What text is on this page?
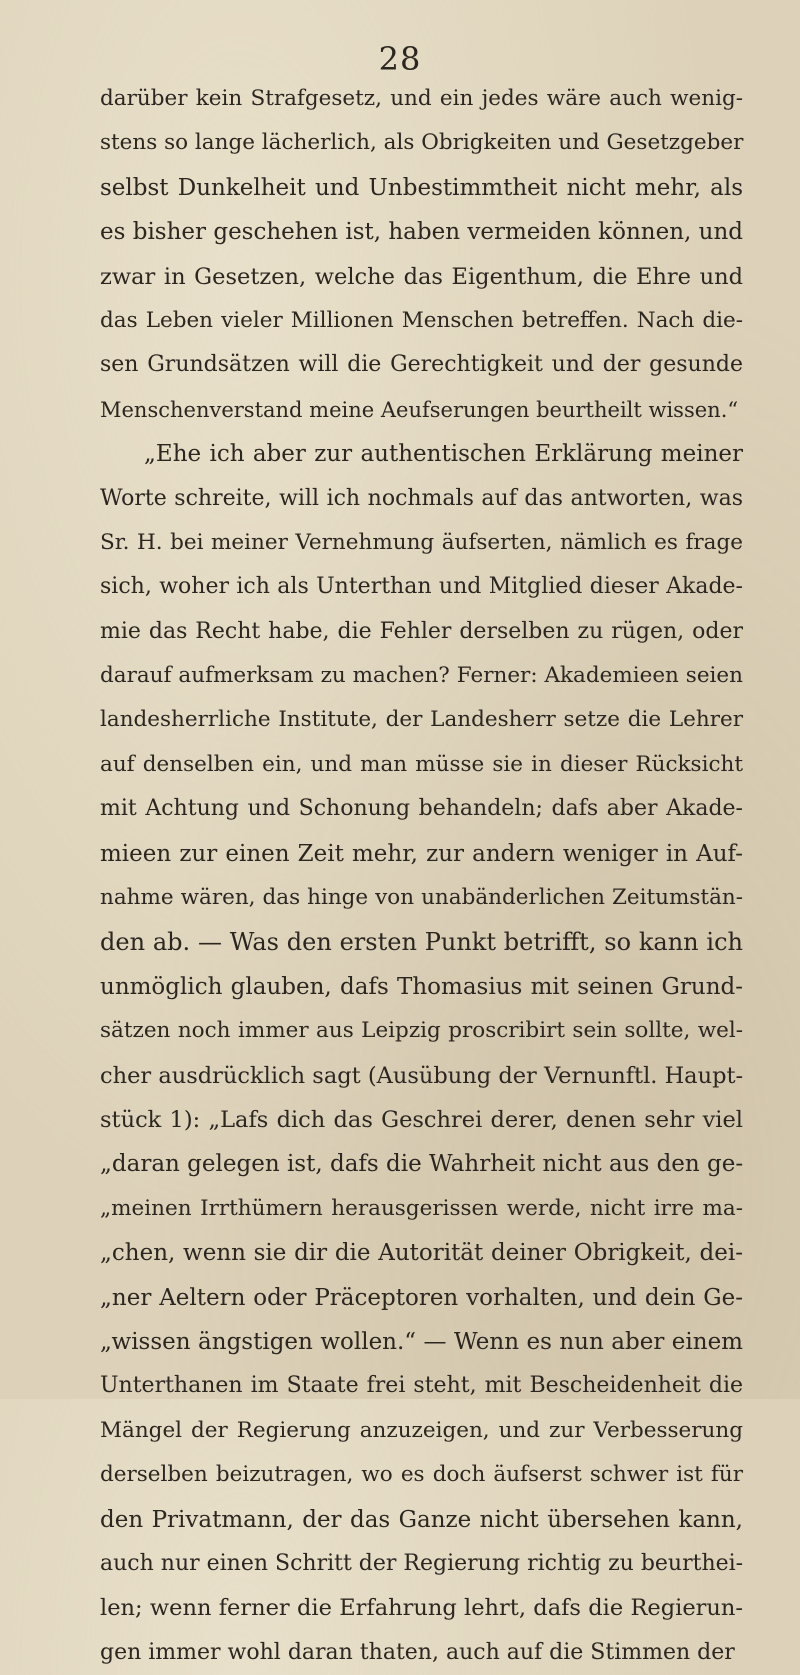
28
darüber kein Strafgesetz, und ein jedes wäre auch wenig-
stens so lange lächerlich, als Obrigkeiten und Gesetzgeber
selbst Dunkelheit und Unbestimmtheit nicht mehr, als
es bisher geschehen ist, haben vermeiden können, und
zwar in Gesetzen, welche das Eigenthum, die Ehre und
das Leben vieler Millionen Menschen betreffen. Nach die-
sen Grundsätzen will die Gerechtigkeit und der gesunde
Menschenverstand meine Aeufserungen beurtheilt wissen.“
„Ehe ich aber zur authentischen Erklärung meiner
Worte schreite, will ich nochmals auf das antworten, was
Sr. H. bei meiner Vernehmung äufserten, nämlich es frage
sich, woher ich als Unterthan und Mitglied dieser Akade-
mie das Recht habe, die Fehler derselben zu rügen, oder
darauf aufmerksam zu machen? Ferner: Akademieen seien
landesherrliche Institute, der Landesherr setze die Lehrer
auf denselben ein, und man müsse sie in dieser Rücksicht
mit Achtung und Schonung behandeln; dafs aber Akade-
mieen zur einen Zeit mehr, zur andern weniger in Auf-
nahme wären, das hinge von unabänderlichen Zeitumstän-
den ab. — Was den ersten Punkt betrifft, so kann ich
unmöglich glauben, dafs Thomasius mit seinen Grund-
sätzen noch immer aus Leipzig proscribirt sein sollte, wel-
cher ausdrücklich sagt (Ausübung der Vernunftl. Haupt-
stück 1): „Lafs dich das Geschrei derer, denen sehr viel
„daran gelegen ist, dafs die Wahrheit nicht aus den ge-
„meinen Irrthümern herausgerissen werde, nicht irre ma-
„chen, wenn sie dir die Autorität deiner Obrigkeit, dei-
„ner Aeltern oder Präceptoren vorhalten, und dein Ge-
„wissen ängstigen wollen.“ — Wenn es nun aber einem
Unterthanen im Staate frei steht, mit Bescheidenheit die
Mängel der Regierung anzuzeigen, und zur Verbesserung
derselben beizutragen, wo es doch äufserst schwer ist für
den Privatmann, der das Ganze nicht übersehen kann,
auch nur einen Schritt der Regierung richtig zu beurthei-
len; wenn ferner die Erfahrung lehrt, dafs die Regierun-
gen immer wohl daran thaten, auch auf die Stimmen der
